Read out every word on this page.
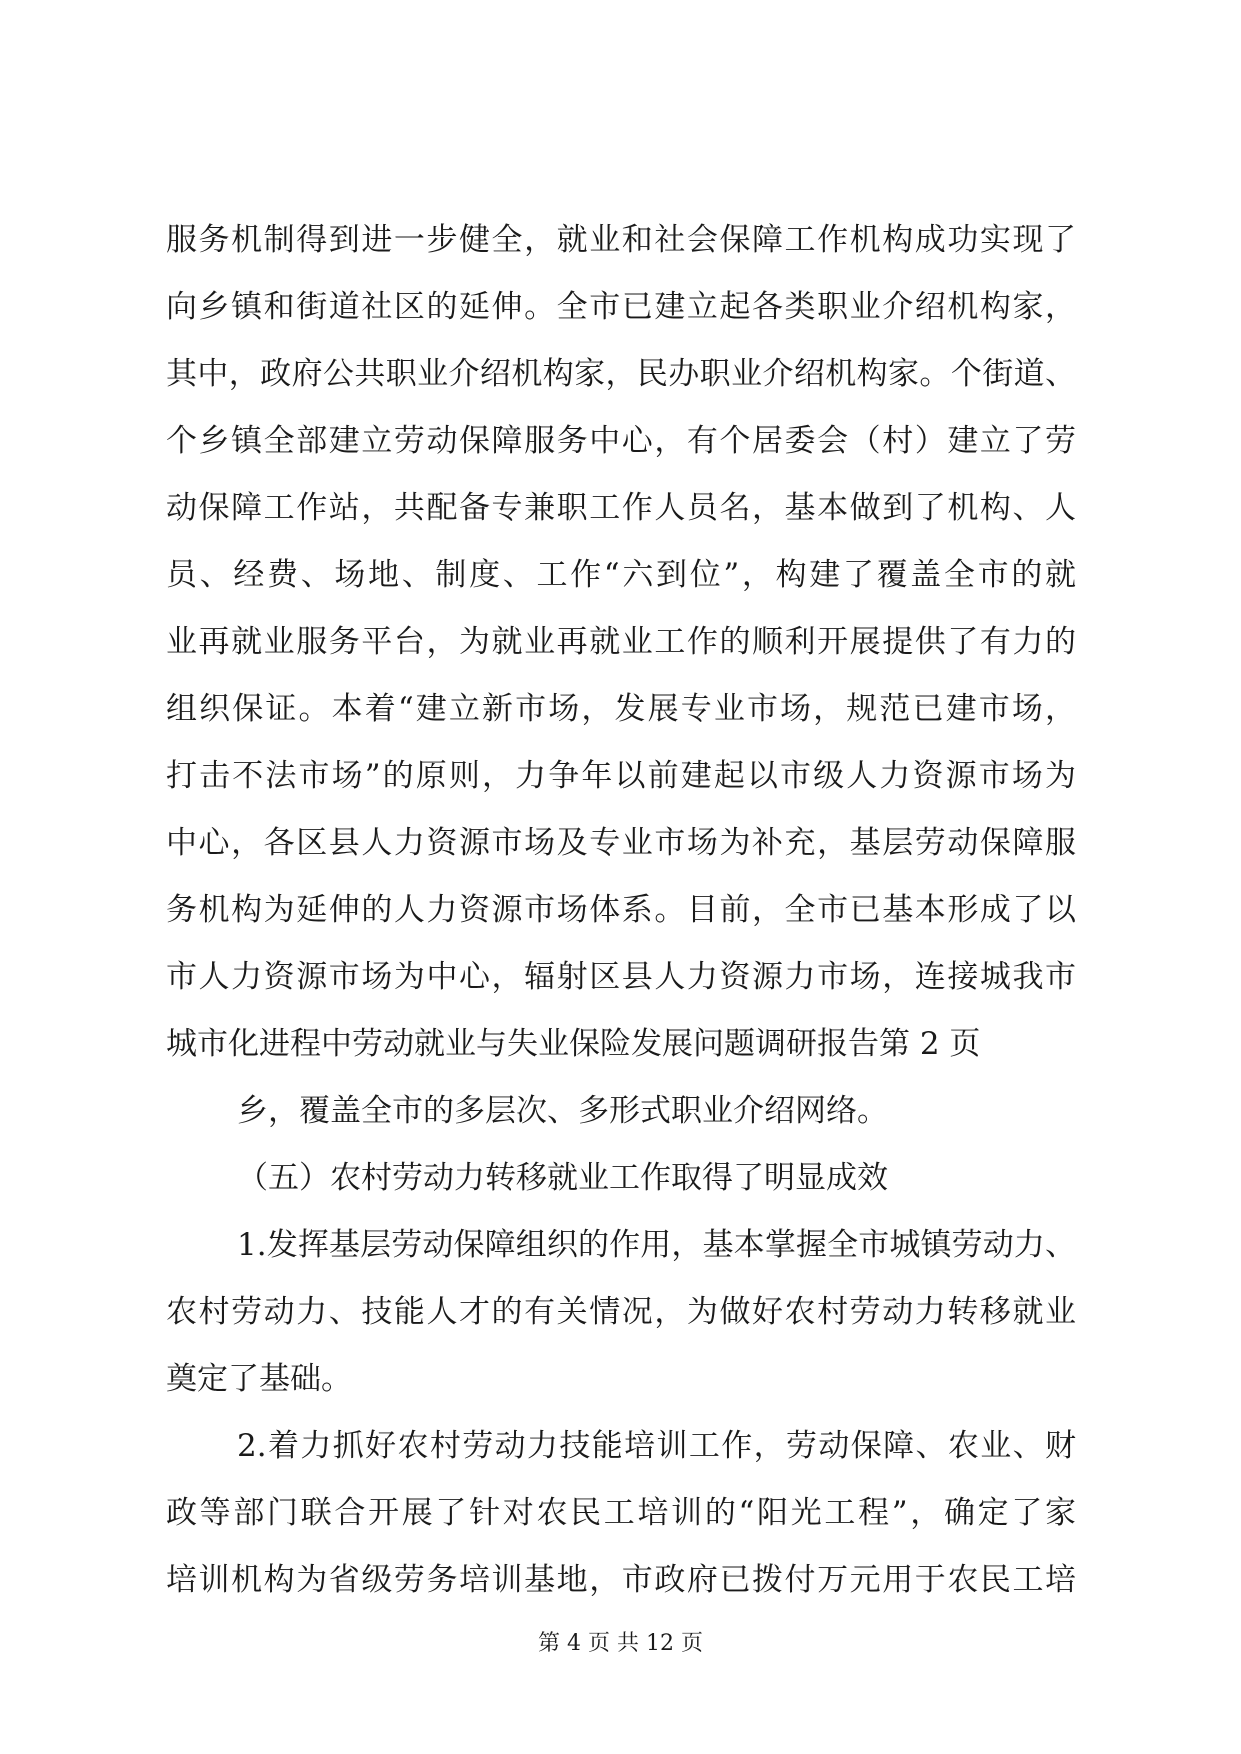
服务机制得到进一步健全，就业和社会保障工作机构成功实现了
向乡镇和街道社区的延伸。全市已建立起各类职业介绍机构家，
其中，政府公共职业介绍机构家，民办职业介绍机构家。个街道、
个乡镇全部建立劳动保障服务中心，有个居委会（村）建立了劳
动保障工作站，共配备专兼职工作人员名，基本做到了机构、人
员、经费、场地、制度、工作“六到位”，构建了覆盖全市的就
业再就业服务平台，为就业再就业工作的顺利开展提供了有力的
组织保证。本着“建立新市场，发展专业市场，规范已建市场，
打击不法市场”的原则，力争年以前建起以市级人力资源市场为
中心，各区县人力资源市场及专业市场为补充，基层劳动保障服
务机构为延伸的人力资源市场体系。目前，全市已基本形成了以
市人力资源市场为中心，辐射区县人力资源力市场，连接城我市
城市化进程中劳动就业与失业保险发展问题调研报告第 2 页
乡，覆盖全市的多层次、多形式职业介绍网络。
（五）农村劳动力转移就业工作取得了明显成效
1.发挥基层劳动保障组织的作用，基本掌握全市城镇劳动力、
农村劳动力、技能人才的有关情况，为做好农村劳动力转移就业
奠定了基础。
2.着力抓好农村劳动力技能培训工作，劳动保障、农业、财
政等部门联合开展了针对农民工培训的“阳光工程”，确定了家
培训机构为省级劳务培训基地，市政府已拨付万元用于农民工培
第 4 页 共 12 页
